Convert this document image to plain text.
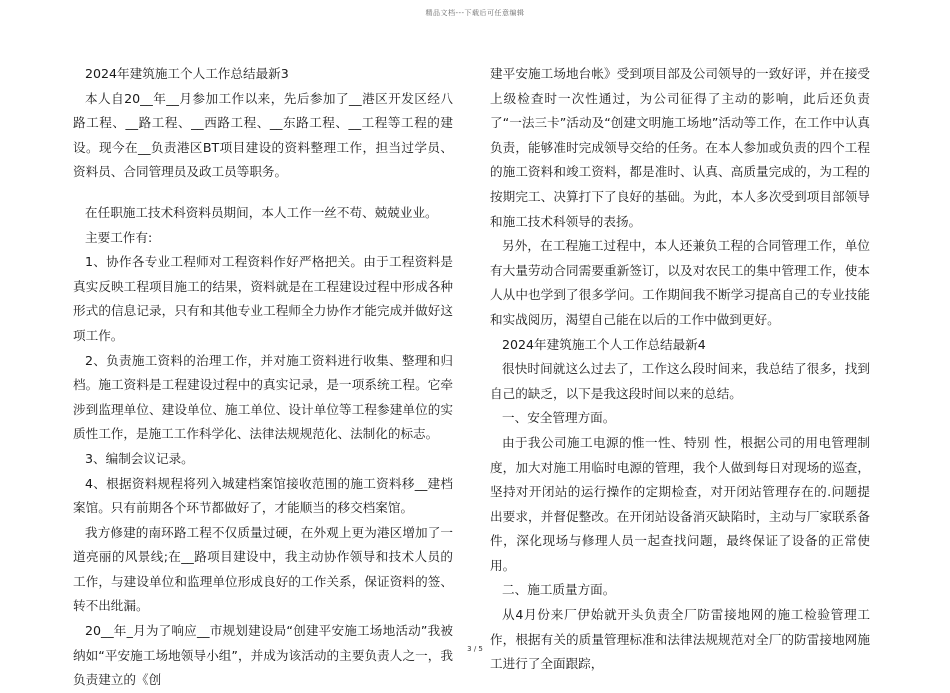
精品文档---下载后可任意编辑

2024年建筑施工个人工作总结最新3

本人自20__年__月参加工作以来，先后参加了__港区开发区经八路工程、__路工程、__西路工程、__东路工程、__工程等工程的建设。现今在__负责港区BT项目建设的资料整理工作，担当过学员、资料员、合同管理员及政工员等职务。

在任职施工技术科资料员期间，本人工作一丝不苟、兢兢业业。

主要工作有:

1、协作各专业工程师对工程资料作好严格把关。由于工程资料是真实反映工程项目施工的结果，资料就是在工程建设过程中形成各种形式的信息记录，只有和其他专业工程师全力协作才能完成并做好这项工作。

2、负责施工资料的治理工作，并对施工资料进行收集、整理和归档。施工资料是工程建设过程中的真实记录，是一项系统工程。它牵涉到监理单位、建设单位、施工单位、设计单位等工程参建单位的实质性工作，是施工工作科学化、法律法规规范化、法制化的标志。

3、编制会议记录。

4、根据资料规程将列入城建档案馆接收范围的施工资料移__建档案馆。只有前期各个环节都做好了，才能顺当的移交档案馆。

我方修建的南环路工程不仅质量过硬，在外观上更为港区增加了一道亮丽的风景线;在__路项目建设中，我主动协作领导和技术人员的工作，与建设单位和监理单位形成良好的工作关系，保证资料的签、转不出纰漏。

20__年_月为了响应__市规划建设局“创建平安施工场地活动”我被纳如“平安施工场地领导小组”，并成为该活动的主要负责人之一，我负责建立的《创

建平安施工场地台帐》受到项目部及公司领导的一致好评，并在接受上级检查时一次性通过，为公司征得了主动的影响，此后还负责了“一法三卡”活动及“创建文明施工场地”活动等工作，在工作中认真负责，能够准时完成领导交给的任务。在本人参加或负责的四个工程的施工资料和竣工资料，都是准时、认真、高质量完成的，为工程的按期完工、决算打下了良好的基础。为此，本人多次受到项目部领导和施工技术科领导的表扬。

另外，在工程施工过程中，本人还兼负工程的合同管理工作，单位有大量劳动合同需要重新签订，以及对农民工的集中管理工作，使本人从中也学到了很多学问。工作期间我不断学习提高自己的专业技能和实战阅历，渴望自己能在以后的工作中做到更好。

2024年建筑施工个人工作总结最新4

很快时间就这么过去了，工作这么段时间来，我总结了很多，找到自己的缺乏，以下是我这段时间以来的总结。

一、安全管理方面。

由于我公司施工电源的惟一性、特别 性，根据公司的用电管理制度，加大对施工用临时电源的管理，我个人做到每日对现场的巡查，坚持对开闭站的运行操作的定期检查，对开闭站管理存在的.问题提出要求，并督促整改。在开闭站设备消灭缺陷时，主动与厂家联系备件，深化现场与修理人员一起查找问题，最终保证了设备的正常使用。

二、施工质量方面。

从4月份来厂伊始就开头负责全厂防雷接地网的施工检验管理工作，根据有关的质量管理标准和法律法规规范对全厂的防雷接地网施工进行了全面跟踪，

3 / 5
